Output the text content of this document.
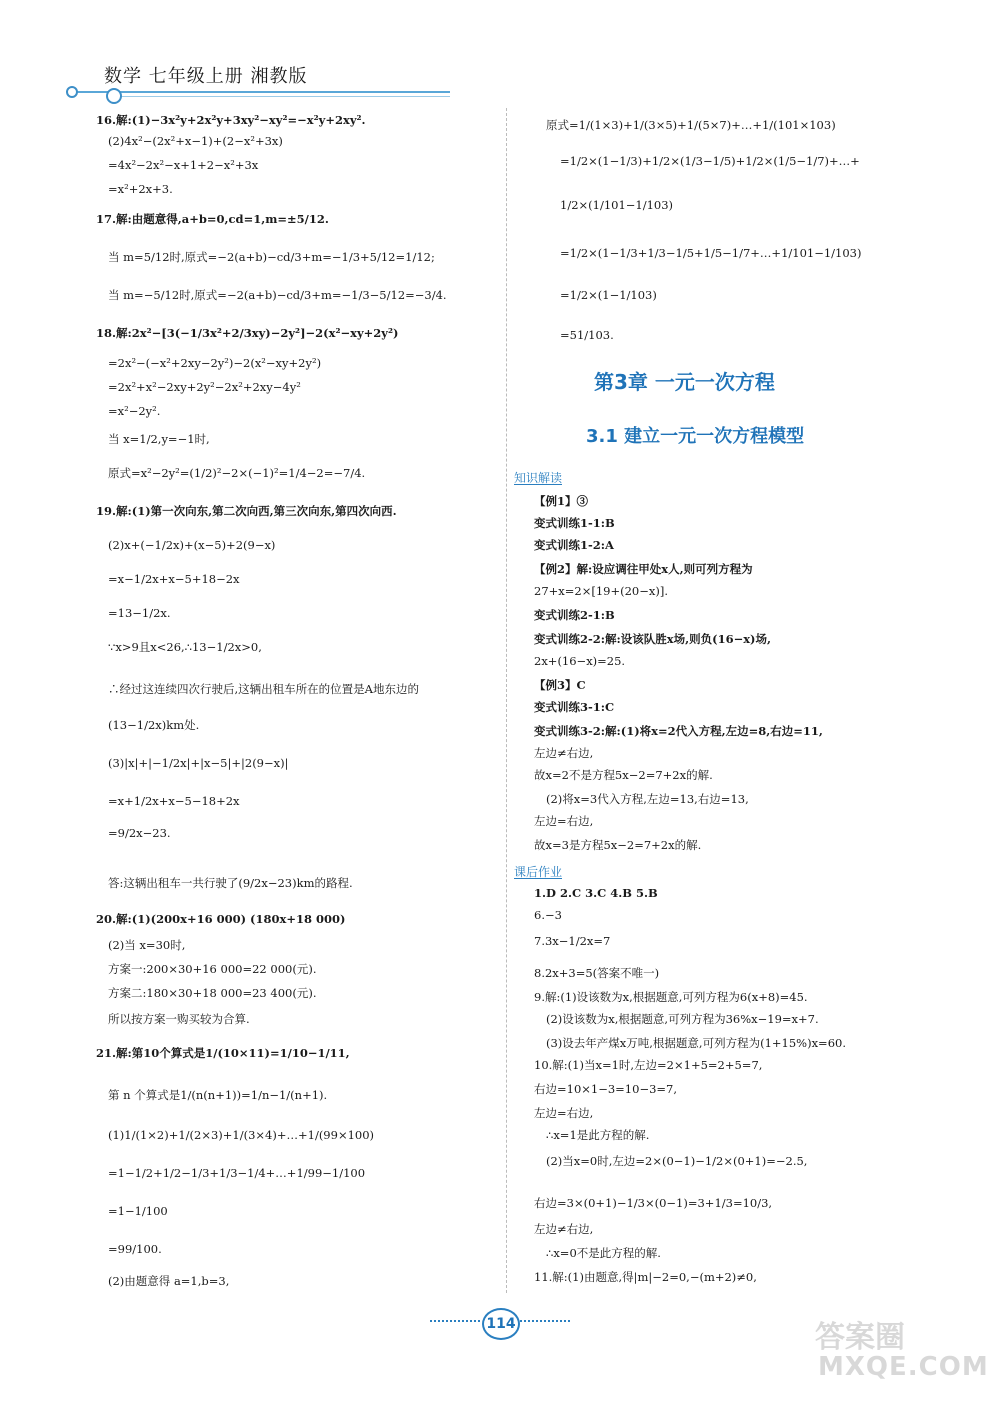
数学 七年级上册 湘教版
16.解:(1)−3x²y+2x²y+3xy²−xy²=−x²y+2xy².
(2)4x²−(2x²+x−1)+(2−x²+3x)
=4x²−2x²−x+1+2−x²+3x
=x²+2x+3.
17.解:由题意得,a+b=0,cd=1,m=±5/12.
当 m=5/12时,原式=−2(a+b)−cd/3+m=−1/3+5/12=1/12;
当 m=−5/12时,原式=−2(a+b)−cd/3+m=−1/3−5/12=−3/4.
18.解:2x²−[3(−1/3x²+2/3xy)−2y²]−2(x²−xy+2y²)
=2x²−(−x²+2xy−2y²)−2(x²−xy+2y²)
=2x²+x²−2xy+2y²−2x²+2xy−4y²
=x²−2y².
当 x=1/2,y=−1时,
原式=x²−2y²=(1/2)²−2×(−1)²=1/4−2=−7/4.
19.解:(1)第一次向东,第二次向西,第三次向东,第四次向西.
(2)x+(−1/2x)+(x−5)+2(9−x)
=x−1/2x+x−5+18−2x
=13−1/2x.
∵x>9且x<26,∴13−1/2x>0,
∴经过这连续四次行驶后,这辆出租车所在的位置是A地东边的
(13−1/2x)km处.
(3)|x|+|−1/2x|+|x−5|+|2(9−x)|
=x+1/2x+x−5−18+2x
=9/2x−23.
答:这辆出租车一共行驶了(9/2x−23)km的路程.
20.解:(1)(200x+16 000) (180x+18 000)
(2)当 x=30时,
方案一:200×30+16 000=22 000(元).
方案二:180×30+18 000=23 400(元).
所以按方案一购买较为合算.
21.解:第10个算式是1/(10×11)=1/10−1/11,
第 n 个算式是1/(n(n+1))=1/n−1/(n+1).
(1)1/(1×2)+1/(2×3)+1/(3×4)+…+1/(99×100)
=1−1/2+1/2−1/3+1/3−1/4+…+1/99−1/100
=1−1/100
=99/100.
(2)由题意得 a=1,b=3,
原式=1/(1×3)+1/(3×5)+1/(5×7)+…+1/(101×103)
=1/2×(1−1/3)+1/2×(1/3−1/5)+1/2×(1/5−1/7)+…+
1/2×(1/101−1/103)
=1/2×(1−1/3+1/3−1/5+1/5−1/7+…+1/101−1/103)
=1/2×(1−1/103)
=51/103.
第3章 一元一次方程
3.1 建立一元一次方程模型
知识解读
【例1】③
变式训练1-1:B
变式训练1-2:A
【例2】解:设应调往甲处x人,则可列方程为
27+x=2×[19+(20−x)].
变式训练2-1:B
变式训练2-2:解:设该队胜x场,则负(16−x)场,
2x+(16−x)=25.
【例3】C
变式训练3-1:C
变式训练3-2:解:(1)将x=2代入方程,左边=8,右边=11,
左边≠右边,
故x=2不是方程5x−2=7+2x的解.
(2)将x=3代入方程,左边=13,右边=13,
左边=右边,
故x=3是方程5x−2=7+2x的解.
课后作业
1.D 2.C 3.C 4.B 5.B
6.−3
7.3x−1/2x=7
8.2x+3=5(答案不唯一)
9.解:(1)设该数为x,根据题意,可列方程为6(x+8)=45.
(2)设该数为x,根据题意,可列方程为36%x−19=x+7.
(3)设去年产煤x万吨,根据题意,可列方程为(1+15%)x=60.
10.解:(1)当x=1时,左边=2×1+5=2+5=7,
右边=10×1−3=10−3=7,
左边=右边,
∴x=1是此方程的解.
(2)当x=0时,左边=2×(0−1)−1/2×(0+1)=−2.5,
右边=3×(0+1)−1/3×(0−1)=3+1/3=10/3,
左边≠右边,
∴x=0不是此方程的解.
11.解:(1)由题意,得|m|−2=0,−(m+2)≠0,
114	答案圈
MXQE.COM
